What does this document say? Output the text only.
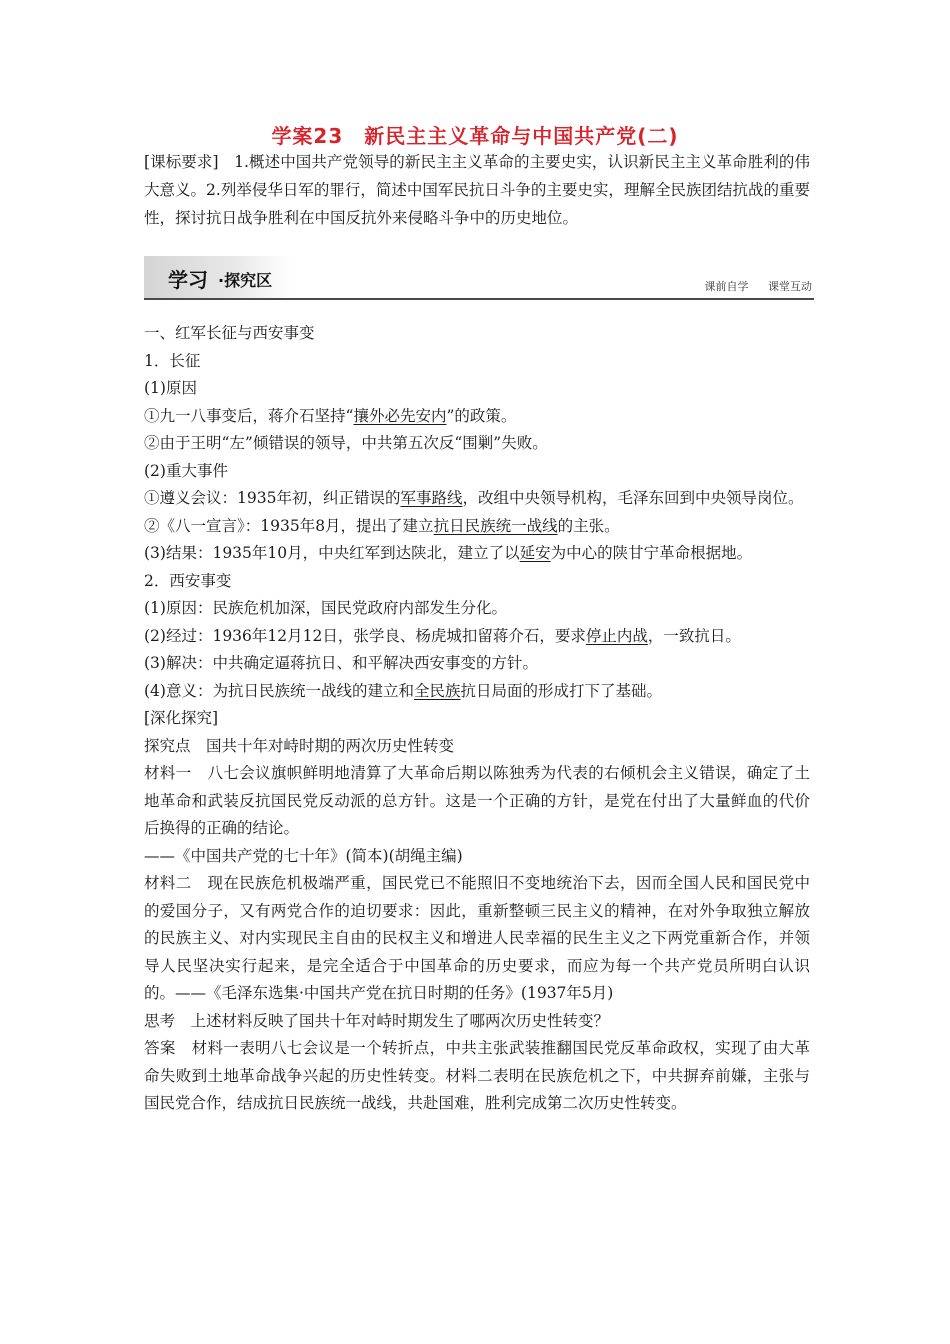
学案23　新民主主义革命与中国共产党(二)
[课标要求]　1.概述中国共产党领导的新民主主义革命的主要史实，认识新民主主义革命胜利的伟大意义。2.列举侵华日军的罪行，简述中国军民抗日斗争的主要史实，理解全民族团结抗战的重要性，探讨抗日战争胜利在中国反抗外来侵略斗争中的历史地位。
学习 ·探究区	课前自学 课堂互动

一、红军长征与西安事变

1．长征

(1)原因

①九一八事变后，蒋介石坚持“攘外必先安内”的政策。

②由于王明“左”倾错误的领导，中共第五次反“围剿”失败。

(2)重大事件

①遵义会议：1935年初，纠正错误的军事路线，改组中央领导机构，毛泽东回到中央领导岗位。

②《八一宣言》：1935年8月，提出了建立抗日民族统一战线的主张。

(3)结果：1935年10月，中央红军到达陕北，建立了以延安为中心的陕甘宁革命根据地。

2．西安事变

(1)原因：民族危机加深，国民党政府内部发生分化。

(2)经过：1936年12月12日，张学良、杨虎城扣留蒋介石，要求停止内战，一致抗日。

(3)解决：中共确定逼蒋抗日、和平解决西安事变的方针。

(4)意义：为抗日民族统一战线的建立和全民族抗日局面的形成打下了基础。

[深化探究]

探究点　国共十年对峙时期的两次历史性转变

材料一　八七会议旗帜鲜明地清算了大革命后期以陈独秀为代表的右倾机会主义错误，确定了土地革命和武装反抗国民党反动派的总方针。这是一个正确的方针，是党在付出了大量鲜血的代价后换得的正确的结论。

——《中国共产党的七十年》(简本)(胡绳主编)

材料二　现在民族危机极端严重，国民党已不能照旧不变地统治下去，因而全国人民和国民党中的爱国分子，又有两党合作的迫切要求：因此，重新整顿三民主义的精神，在对外争取独立解放的民族主义、对内实现民主自由的民权主义和增进人民幸福的民生主义之下两党重新合作，并领导人民坚决实行起来，是完全适合于中国革命的历史要求，而应为每一个共产党员所明白认识的。——《毛泽东选集·中国共产党在抗日时期的任务》(1937年5月)

思考　上述材料反映了国共十年对峙时期发生了哪两次历史性转变？

答案　材料一表明八七会议是一个转折点，中共主张武装推翻国民党反革命政权，实现了由大革命失败到土地革命战争兴起的历史性转变。材料二表明在民族危机之下，中共摒弃前嫌，主张与国民党合作，结成抗日民族统一战线，共赴国难，胜利完成第二次历史性转变。
